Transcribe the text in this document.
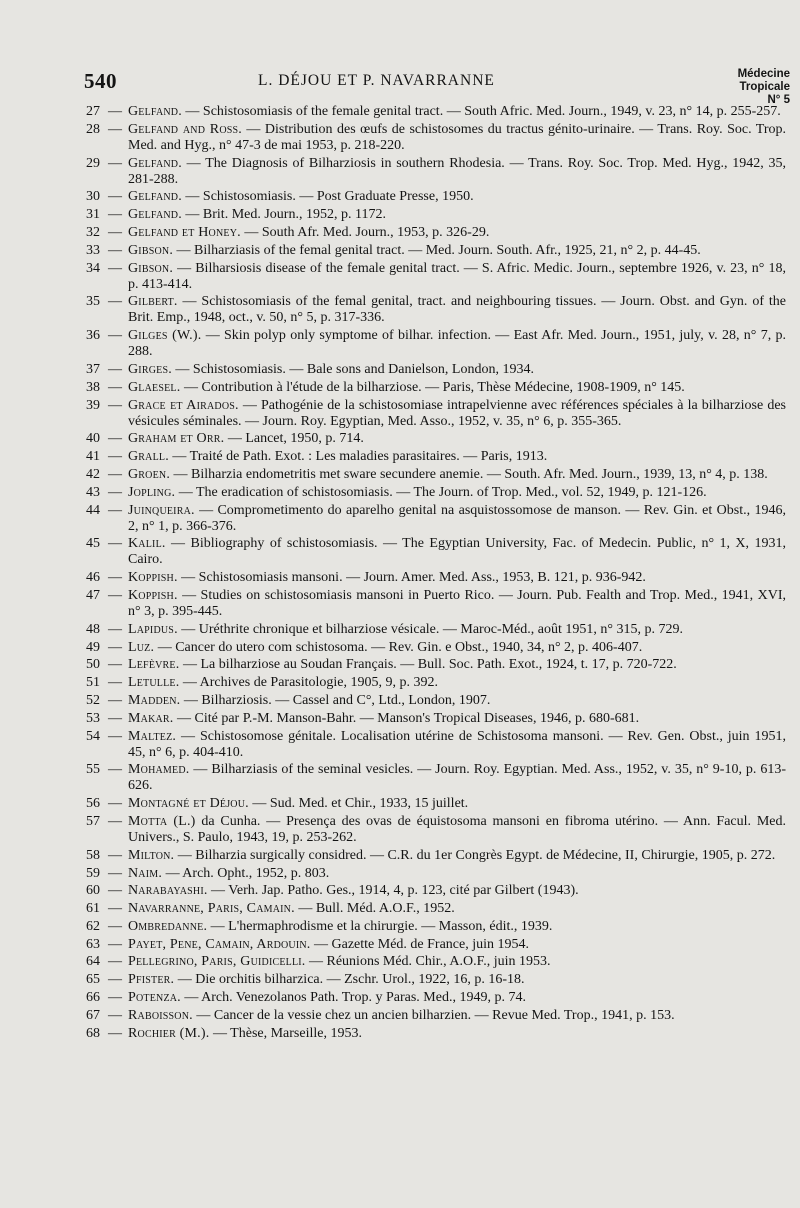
540	L. DÉJOU ET P. NAVARRANNE	Médecine
Tropicale
N° 5
27 — Gelfand. — Schistosomiasis of the female genital tract. — South Afric. Med. Journ., 1949, v. 23, n° 14, p. 255-257.
28 — Gelfand and Ross. — Distribution des œufs de schistosomes du tractus génito-urinaire. — Trans. Roy. Soc. Trop. Med. and Hyg., n° 47-3 de mai 1953, p. 218-220.
29 — Gelfand. — The Diagnosis of Bilharziosis in southern Rhodesia. — Trans. Roy. Soc. Trop. Med. Hyg., 1942, 35, 281-288.
30 — Gelfand. — Schistosomiasis. — Post Graduate Presse, 1950.
31 — Gelfand. — Brit. Med. Journ., 1952, p. 1172.
32 — Gelfand et Honey. — South Afr. Med. Journ., 1953, p. 326-29.
33 — Gibson. — Bilharziasis of the femal genital tract. — Med. Journ. South. Afr., 1925, 21, n° 2, p. 44-45.
34 — Gibson. — Bilharsiosis disease of the female genital tract. — S. Afric. Medic. Journ., septembre 1926, v. 23, n° 18, p. 413-414.
35 — Gilbert. — Schistosomiasis of the femal genital, tract. and neighbouring tissues. — Journ. Obst. and Gyn. of the Brit. Emp., 1948, oct., v. 50, n° 5, p. 317-336.
36 — Gilges (W.). — Skin polyp only symptome of bilhar. infection. — East Afr. Med. Journ., 1951, july, v. 28, n° 7, p. 288.
37 — Girges. — Schistosomiasis. — Bale sons and Danielson, London, 1934.
38 — Glaesel. — Contribution à l'étude de la bilharziose. — Paris, Thèse Médecine, 1908-1909, n° 145.
39 — Grace et Airados. — Pathogénie de la schistosomiase intrapelvienne avec références spéciales à la bilharziose des vésicules séminales. — Journ. Roy. Egyptian, Med. Asso., 1952, v. 35, n° 6, p. 355-365.
40 — Graham et Orr. — Lancet, 1950, p. 714.
41 — Grall. — Traité de Path. Exot. : Les maladies parasitaires. — Paris, 1913.
42 — Groen. — Bilharzia endometritis met sware secundere anemie. — South. Afr. Med. Journ., 1939, 13, n° 4, p. 138.
43 — Jopling. — The eradication of schistosomiasis. — The Journ. of Trop. Med., vol. 52, 1949, p. 121-126.
44 — Juinqueira. — Comprometimento do aparelho genital na asquistossomose de manson. — Rev. Gin. et Obst., 1946, 2, n° 1, p. 366-376.
45 — Kalil. — Bibliography of schistosomiasis. — The Egyptian University, Fac. of Medecin. Public, n° 1, X, 1931, Cairo.
46 — Koppish. — Schistosomiasis mansoni. — Journ. Amer. Med. Ass., 1953, B. 121, p. 936-942.
47 — Koppish. — Studies on schistosomiasis mansoni in Puerto Rico. — Journ. Pub. Fealth and Trop. Med., 1941, XVI, n° 3, p. 395-445.
48 — Lapidus. — Uréthrite chronique et bilharziose vésicale. — Maroc-Méd., août 1951, n° 315, p. 729.
49 — Luz. — Cancer do utero com schistosoma. — Rev. Gin. e Obst., 1940, 34, n° 2, p. 406-407.
50 — Lefèvre. — La bilharziose au Soudan Français. — Bull. Soc. Path. Exot., 1924, t. 17, p. 720-722.
51 — Letulle. — Archives de Parasitologie, 1905, 9, p. 392.
52 — Madden. — Bilharziosis. — Cassel and C°, Ltd., London, 1907.
53 — Makar. — Cité par P.-M. Manson-Bahr. — Manson's Tropical Diseases, 1946, p. 680-681.
54 — Maltez. — Schistosomose génitale. Localisation utérine de Schistosoma mansoni. — Rev. Gen. Obst., juin 1951, 45, n° 6, p. 404-410.
55 — Mohamed. — Bilharziasis of the seminal vesicles. — Journ. Roy. Egyptian. Med. Ass., 1952, v. 35, n° 9-10, p. 613-626.
56 — Montagné et Déjou. — Sud. Med. et Chir., 1933, 15 juillet.
57 — Motta (L.) da Cunha. — Presença des ovas de équistosoma mansoni en fibroma utérino. — Ann. Facul. Med. Univers., S. Paulo, 1943, 19, p. 253-262.
58 — Milton. — Bilharzia surgically considred. — C.R. du 1er Congrès Egypt. de Médecine, II, Chirurgie, 1905, p. 272.
59 — Naim. — Arch. Opht., 1952, p. 803.
60 — Narabayashi. — Verh. Jap. Patho. Ges., 1914, 4, p. 123, cité par Gilbert (1943).
61 — Navarranne, Paris, Camain. — Bull. Méd. A.O.F., 1952.
62 — Ombredanne. — L'hermaphrodisme et la chirurgie. — Masson, édit., 1939.
63 — Payet, Pene, Camain, Ardouin. — Gazette Méd. de France, juin 1954.
64 — Pellegrino, Paris, Guidicelli. — Réunions Méd. Chir., A.O.F., juin 1953.
65 — Pfister. — Die orchitis bilharzica. — Zschr. Urol., 1922, 16, p. 16-18.
66 — Potenza. — Arch. Venezolanos Path. Trop. y Paras. Med., 1949, p. 74.
67 — Raboisson. — Cancer de la vessie chez un ancien bilharzien. — Revue Med. Trop., 1941, p. 153.
68 — Rochier (M.). — Thèse, Marseille, 1953.
